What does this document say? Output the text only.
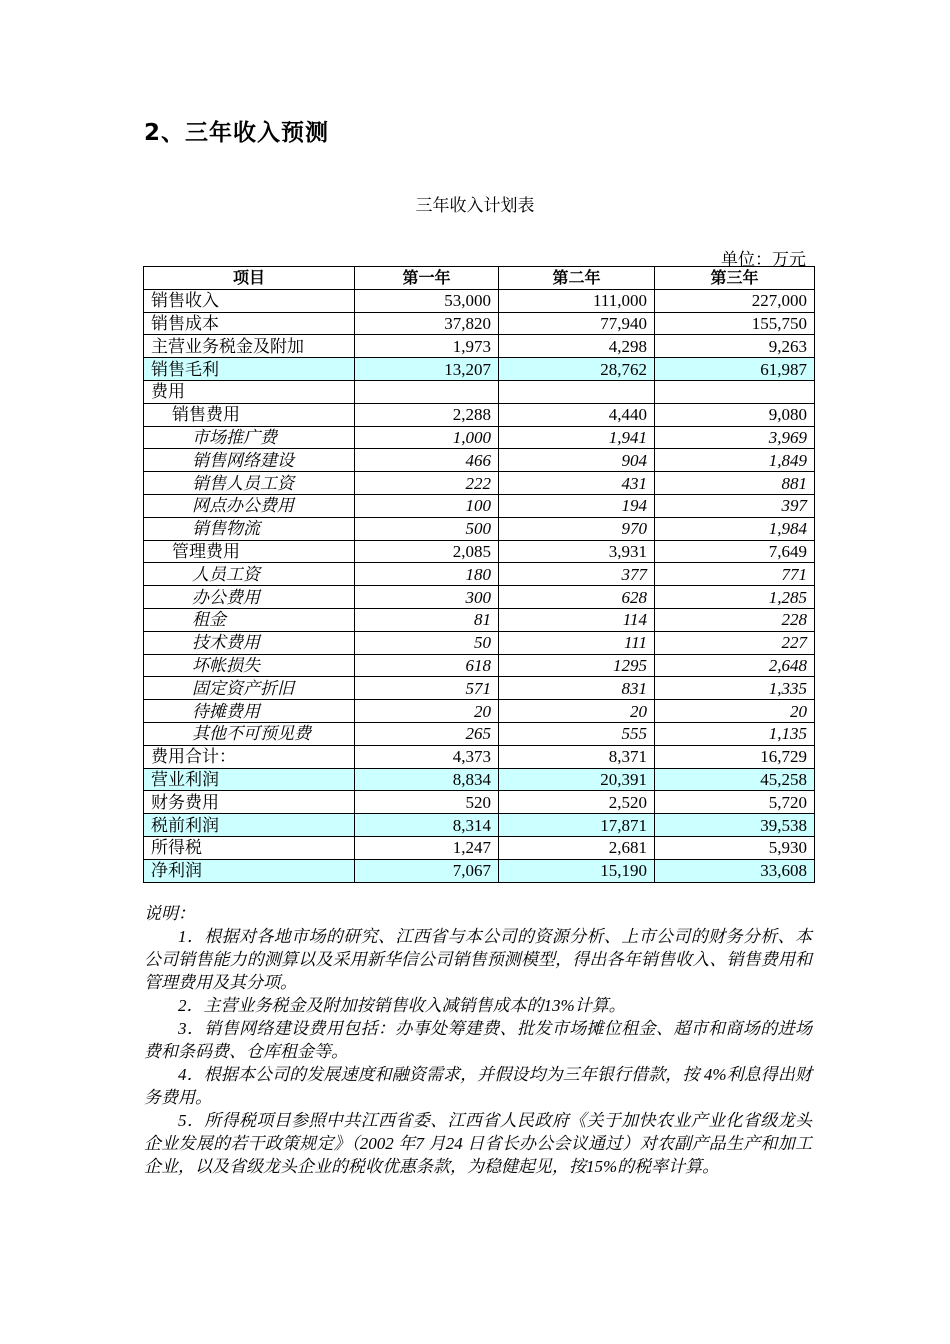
2、三年收入预测
三年收入计划表
单位：万元
项目	第一年	第二年	第三年
销售收入	53,000	111,000	227,000
销售成本	37,820	77,940	155,750
主营业务税金及附加	1,973	4,298	9,263
销售毛利	13,207	28,762	61,987
费用			
销售费用	2,288	4,440	9,080
市场推广费	1,000	1,941	3,969
销售网络建设	466	904	1,849
销售人员工资	222	431	881
网点办公费用	100	194	397
销售物流	500	970	1,984
管理费用	2,085	3,931	7,649
人员工资	180	377	771
办公费用	300	628	1,285
租金	81	114	228
技术费用	50	111	227
坏帐损失	618	1295	2,648
固定资产折旧	571	831	1,335
待摊费用	20	20	20
其他不可预见费	265	555	1,135
费用合计：	4,373	8,371	16,729
营业利润	8,834	20,391	45,258
财务费用	520	2,520	5,720
税前利润	8,314	17,871	39,538
所得税	1,247	2,681	5,930
净利润	7,067	15,190	33,608

说明：

1．根据对各地市场的研究、江西省与本公司的资源分析、上市公司的财务分析、本公司销售能力的测算以及采用新华信公司销售预测模型，得出各年销售收入、销售费用和管理费用及其分项。

2．主营业务税金及附加按销售收入减销售成本的13%计算。

3．销售网络建设费用包括：办事处筹建费、批发市场摊位租金、超市和商场的进场费和条码费、仓库租金等。

4．根据本公司的发展速度和融资需求，并假设均为三年银行借款，按 4%利息得出财务费用。

5．所得税项目参照中共江西省委、江西省人民政府《关于加快农业产业化省级龙头企业发展的若干政策规定》（2002 年7 月24 日省长办公会议通过）对农副产品生产和加工企业，以及省级龙头企业的税收优惠条款，为稳健起见，按15%的税率计算。
